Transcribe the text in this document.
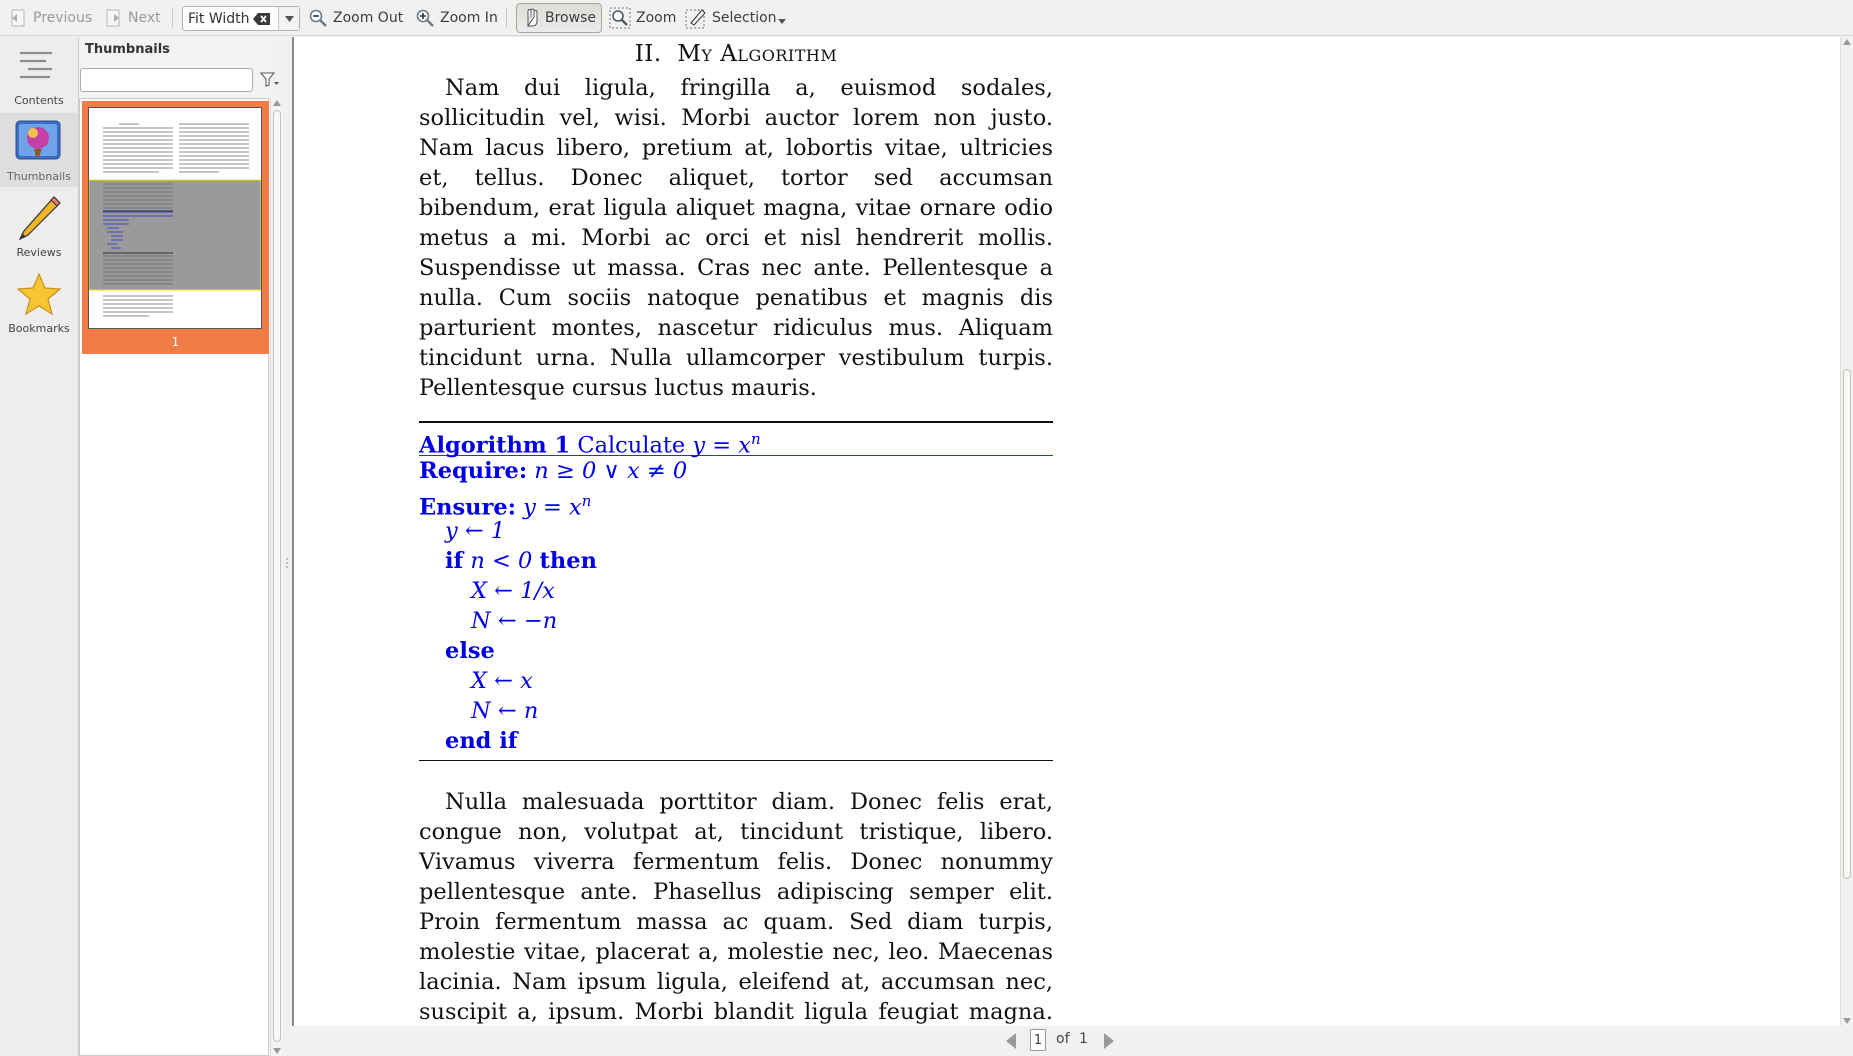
Previous	Next Fit Width	Zoom Out	Zoom In	Browse	Zoom	Selection
Contents
Thumbnails
Reviews
Bookmarks
Thumbnails
1
II. My Algorithm

Nam dui ligula, fringilla a, euismod sodales, sollicitudin vel, wisi. Morbi auctor lorem non justo. Nam lacus libero, pretium at, lobortis vitae, ultricies et, tellus. Donec aliquet, tortor sed accumsan bibendum, erat ligula aliquet magna, vitae ornare odio metus a mi. Morbi ac orci et nisl hendrerit mollis. Suspendisse ut massa. Cras nec ante. Pellentesque a nulla. Cum sociis natoque penatibus et magnis dis parturient montes, nascetur ridiculus mus. Aliquam tincidunt urna. Nulla ullamcorper vestibulum turpis. Pellentesque cursus luctus mauris.

Algorithm 1 Calculate $y = x^n$
Require: n ≥ 0 ∨ x ≠ 0
Ensure: $y = x^n$
y ← 1
if n < 0 then
X ← 1/x
N ← −n
else
X ← x
N ← n
end if

Nulla malesuada porttitor diam. Donec felis erat, congue non, volutpat at, tincidunt tristique, libero. Vivamus viverra fermentum felis. Donec nonummy pellentesque ante. Phasellus adipiscing semper elit. Proin fermentum massa ac quam. Sed diam turpis, molestie vitae, placerat a, molestie nec, leo. Maecenas lacinia. Nam ipsum ligula, eleifend at, accumsan nec, suscipit a, ipsum. Morbi blandit ligula feugiat magna.

1 of 1
